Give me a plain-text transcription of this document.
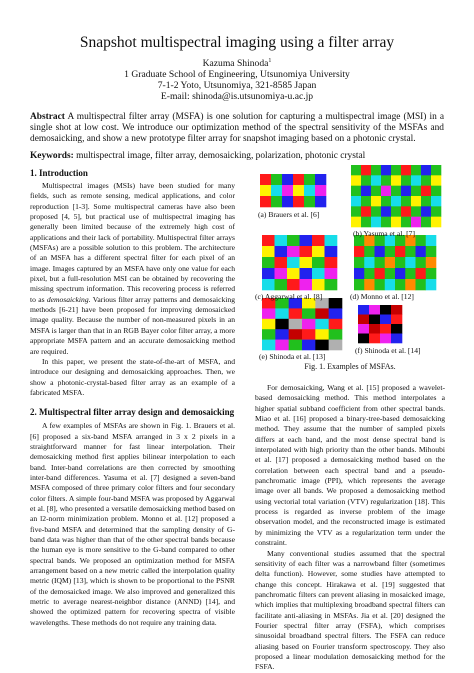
Snapshot multispectral imaging using a filter array
Kazuma Shinoda$^1$
1 Graduate School of Engineering, Utsunomiya University
7-1-2 Yoto, Utsunomiya, 321-8585 Japan
E-mail: shinoda@is.utsunomiya-u.ac.jp
Abstract A multispectral filter array (MSFA) is one solution for capturing a multispectral image (MSI) in a single shot at low cost. We introduce our optimization method of the spectral sensitivity of the MSFAs and demosaicking, and show a new prototype filter array for snapshot imaging based on a photonic crystal.
Keywords: multispectral image, filter array, demosaicking, polarization, photonic crystal
1. Introduction

Multispectral images (MSIs) have been studied for many fields, such as remote sensing, medical applications, and color reproduction [1-3]. Some multispectral cameras have also been proposed [4, 5], but practical use of multispectral imaging has generally been limited because of the extremely high cost of applications and their lack of portability. Multispectral filter arrays (MSFAs) are a possible solution to this problem. The architecture of an MSFA has a different spectral filter for each pixel of an image. Images captured by an MSFA have only one value for each pixel, but a full-resolution MSI can be obtained by recovering the missing spectrum information. This recovering process is referred to as demosaicking. Various filter array patterns and demosaicking methods [6-21] have been proposed for improving demosaicked image quality. Because the number of non-measured pixels in an MSFA is larger than that in an RGB Bayer color filter array, a more appropriate MSFA pattern and an accurate demosaicking method are required.

In this paper, we present the state-of-the-art of MSFA, and introduce our designing and demosaicking approaches. Then, we show a photonic-crystal-based filter array as an example of a fabricated MSFA.

2. Multispectral filter array design and demosaicking

A few examples of MSFAs are shown in Fig. 1. Brauers et al. [6] proposed a six-band MSFA arranged in 3 x 2 pixels in a straightforward manner for fast linear interpolation. Their demosaicking method first applies bilinear interpolation to each band. Inter-band correlations are then corrected by smoothing inter-band differences. Yasuma et al. [7] designed a seven-band MSFA composed of three primary color filters and four secondary color filters. A simple four-band MSFA was proposed by Aggarwal et al. [8], who presented a versatile demosaicking method based on an l2-norm minimization problem. Monno et al. [12] proposed a five-band MSFA and determined that the sampling density of G-band data was higher than that of the other spectral bands because the human eye is more sensitive to the G-band compared to other spectral bands. We proposed an optimization method for MSFA arrangement based on a new metric called the interpolation quality metric (IQM) [13], which is shown to be proportional to the PSNR of the demosaicked image. We also improved and generalized this metric to average nearest-neighbor distance (ANND) [14], and showed the optimized pattern for recovering spectra of visible wavelengths. These methods do not require any training data.

(a) Brauers et al. [6]
(b) Yasuma et al. [7]
(c) Aggarwal et al. [8]	(d) Monno et al. [12]
(e) Shinoda et al. [13]
(f) Shinoda et al. [14]
Fig. 1. Examples of MSFAs.

For demosaicking, Wang et al. [15] proposed a wavelet-based demosaicking method. This method interpolates a higher spatial subband coefficient from other spectral bands. Miao et al. [16] proposed a binary-tree-based demosaicking method. They assume that the number of sampled pixels differs at each band, and the most dense spectral band is interpolated with high priority than the other bands. Mihoubi et al. [17] proposed a demosaicking method based on the correlation between each spectral band and a pseudo-panchromatic image (PPI), which represents the average image over all bands. We proposed a demosaicking method using vectorial total variation (VTV) regularization [18]. This process is regarded as inverse problem of the image observation model, and the reconstructed image is estimated by minimizing the VTV as a regularization term under the constraint.

Many conventional studies assumed that the spectral sensitivity of each filter was a narrowband filter (sometimes delta function). However, some studies have attempted to change this concept. Hirakawa et al. [19] suggested that panchromatic filters can prevent aliasing in mosaicked image, which implies that multiplexing broadband spectral filters can facilitate anti-aliasing in MSFAs. Jia et al. [20] designed the Fourier spectral filter array (FSFA), which comprises sinusoidal broadband spectral filters. The FSFA can reduce aliasing based on Fourier transform spectroscopy. They also proposed a linear modulation demosaicking method for the FSFA.
